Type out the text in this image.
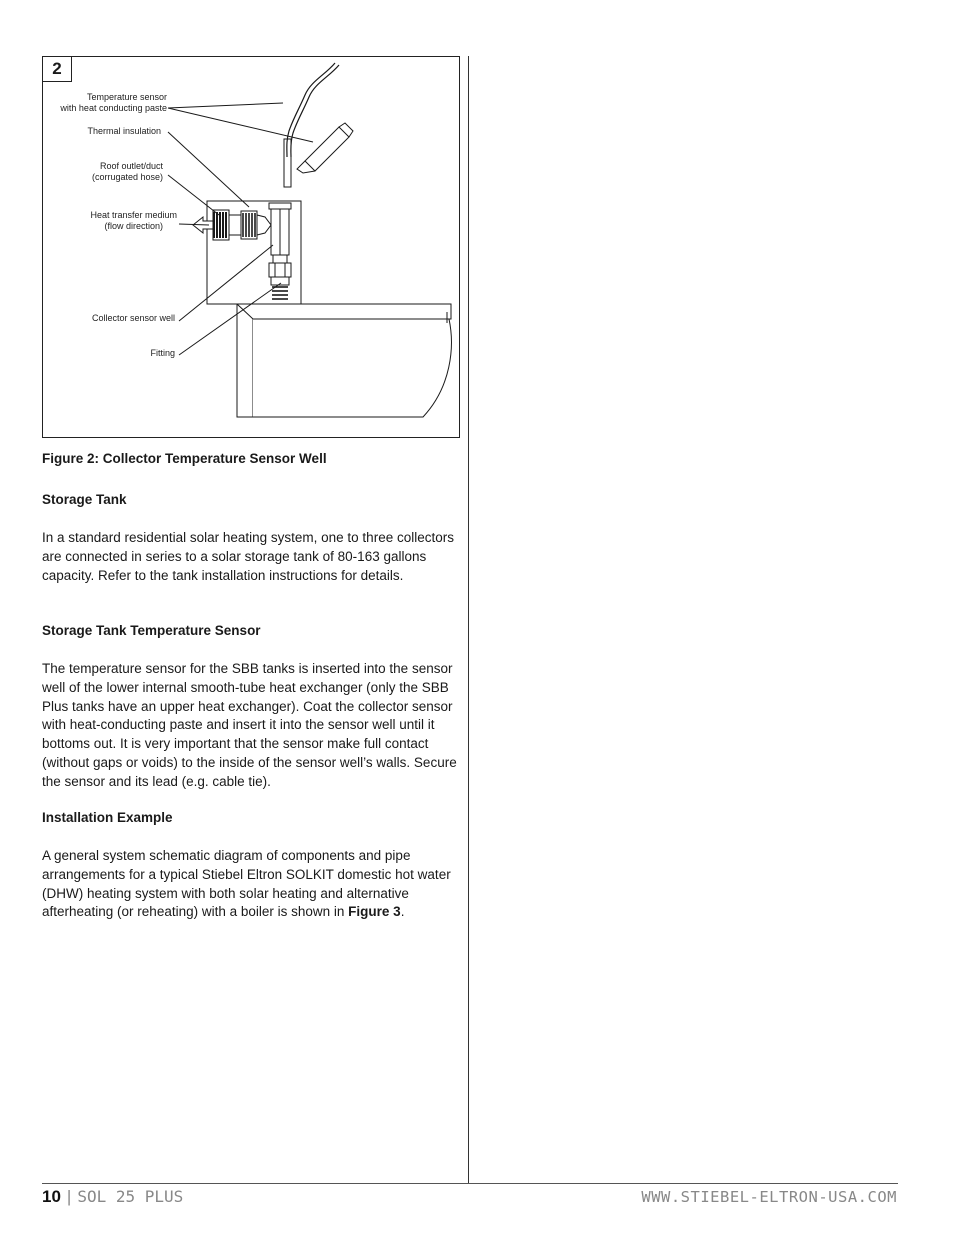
2
Temperature sensor
with heat conducting paste
Thermal insulation
Roof outlet/duct
(corrugated hose)
Heat transfer medium
(flow direction)
Collector sensor well
Fitting
Figure 2: Collector Temperature Sensor Well
Storage Tank
In a standard residential solar heating system, one to three collectors are connected in series to a solar storage tank of 80-163 gallons capacity. Refer to the tank installation instructions for details.
Storage Tank Temperature Sensor
The temperature sensor for the SBB tanks is inserted into the sensor well of the lower internal smooth-tube heat exchanger (only the SBB Plus tanks have an upper heat exchanger). Coat the collector sensor with heat-conducting paste and insert it into the sensor well until it bottoms out. It is very important that the sensor make full contact (without gaps or voids) to the inside of the sensor well’s walls. Secure the sensor and its lead (e.g. cable tie).
Installation Example
A general system schematic diagram of components and pipe arrangements for a typical Stiebel Eltron SOLKIT domestic hot water (DHW) heating system with both solar heating and alternative afterheating (or reheating) with a boiler is shown in Figure 3.
10 | SOL 25 PLUS	WWW.STIEBEL-ELTRON-USA.COM
